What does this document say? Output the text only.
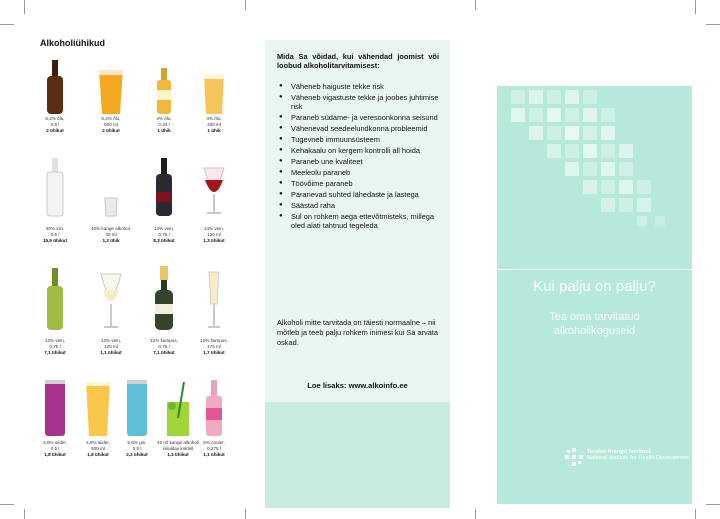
Alkoholiühikud
5,2% õlu,
0,5 l
2 ühikut
5,2% õlu,
500 ml
2 ühikut
4% õlu,
0,33 l
1 ühik
4% õlu,
330 ml
1 ühik
40% viin,
0,5 l
15,9 ühikut
40% kange alkohol,
40 ml
1,3 ühik
14% vein,
0,75 l
8,3 ühikut
14% vein,
120 ml
1,3 ühikut
12% vein,
0,75 l
7,1 ühikut
12% vein,
120 ml
1,1 ühikut
12% šampus,
0,75 l
7,1 ühikut
12% šampus,
175 ml
1,7 ühikut
4,5% siider,
0,5 l
1,8 ühikut
4,5% siider,
500 ml
1,8 ühikut
5,6% gin,
0,5 l
2,2 ühikut
40 ml kange alkoholi
sisaldav kokteil
1,3 ühikut
5% cooler,
0,275 l
1,1 ühikut
Mida Sa võidad, kui vähendad joomist või loobud alkoholitarvitamisest:
● Väheneb haiguste tekke risk
● Väheneb vigastuste tekke ja joobes juhtimise risk
● Paraneb südame- ja veresoonkonna seisund
● Vähenevad seedeelundkonna probleemid
● Tugevneb immuunsüsteem
● Kehakaalu on kergem kontrolli all hoida
● Paraneb une kvaliteet
● Meeleolu paraneb
● Töövõime paraneb
● Paranevad suhted lähedaste ja lastega
● Säästad raha
● Sul on rohkem aega ettevõtmisteks, millega oled alati tahtnud tegeleda
Alkoholi mitte tarvitada on täiesti normaalne – nii mõtleb ja teeb palju rohkem inimesi kui Sa arvata oskad.
Loe lisaks: www.alkoinfo.ee
Kui palju on palju?
Tea oma tarvitatud
alkoholikoguseid
Tervise Arengu Instituut
National Institute for Health Development
